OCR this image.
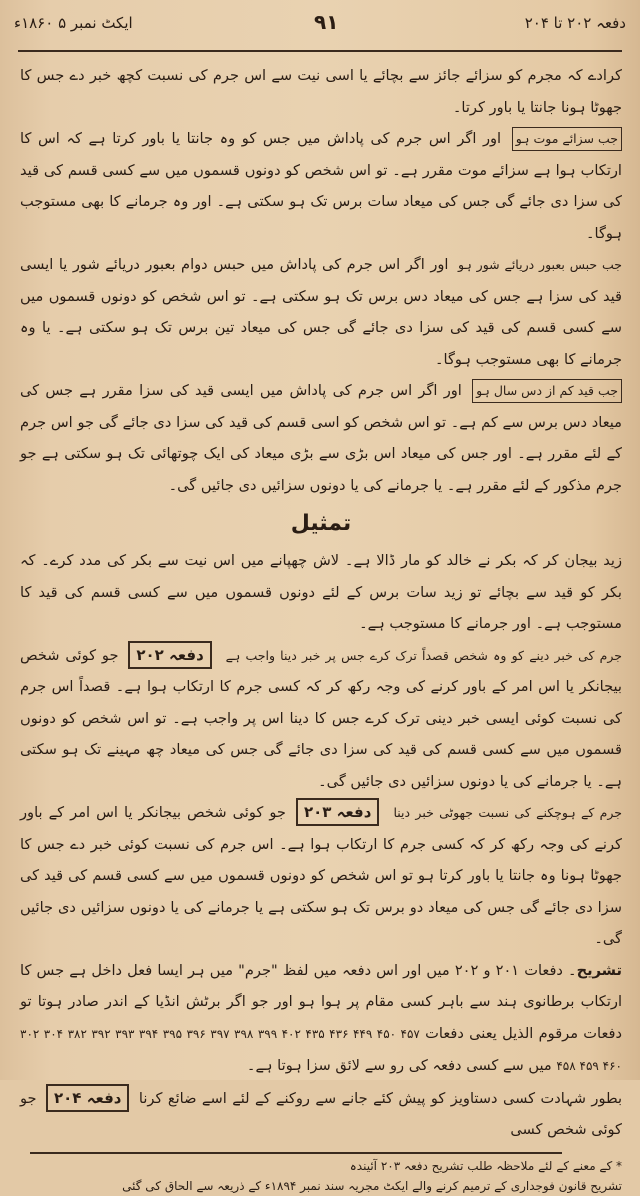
ایکٹ نمبر ۵ ۱۸۶۰ء	۹۱	دفعہ ۲۰۲ تا ۲۰۴

کرادے کہ مجرم کو سزائے جائز سے بچائے یا اسی نیت سے اس جرم کی نسبت کچھ خبر دے جس کا جھوٹا ہونا جانتا یا باور کرتا۔

جب سزائے موت ہو اور اگر اس جرم کی پاداش میں جس کو وہ جانتا یا باور کرتا ہے کہ اس کا ارتکاب ہوا ہے سزائے موت مقرر ہے۔ تو اس شخص کو دونوں قسموں میں سے کسی قسم کی قید کی سزا دی جائے گی جس کی میعاد سات برس تک ہو سکتی ہے۔ اور وہ جرمانے کا بھی مستوجب ہوگا۔

جب حبس بعبور دریائے شور ہو اور اگر اس جرم کی پاداش میں حبس دوام بعبور دریائے شور یا ایسی قید کی سزا ہے جس کی میعاد دس برس تک ہو سکتی ہے۔ تو اس شخص کو دونوں قسموں میں سے کسی قسم کی قید کی سزا دی جائے گی جس کی میعاد تین برس تک ہو سکتی ہے۔ یا وہ جرمانے کا بھی مستوجب ہوگا۔

جب قید کم از دس سال ہو اور اگر اس جرم کی پاداش میں ایسی قید کی سزا مقرر ہے جس کی میعاد دس برس سے کم ہے۔ تو اس شخص کو اسی قسم کی قید کی سزا دی جائے گی جو اس جرم کے لئے مقرر ہے۔ اور جس کی میعاد اس بڑی سے بڑی میعاد کی ایک چوتھائی تک ہو سکتی ہے جو جرم مذکور کے لئے مقرر ہے۔ یا جرمانے کی یا دونوں سزائیں دی جائیں گی۔

تمثیل

زید بیجان کر کہ بکر نے خالد کو مار ڈالا ہے۔ لاش چھپانے میں اس نیت سے بکر کی مدد کرے۔ کہ بکر کو قید سے بچائے تو زید سات برس کے لئے دونوں قسموں میں سے کسی قسم کی قید کا مستوجب ہے۔ اور جرمانے کا مستوجب ہے۔

جرم کی خبر دینے کو وہ شخص قصداً ترک کرے جس پر خبر دینا واجب ہے دفعہ ۲۰۲ جو کوئی شخص بیجانکر یا اس امر کے باور کرنے کی وجہ رکھ کر کہ کسی جرم کا ارتکاب ہوا ہے۔ قصداً اس جرم کی نسبت کوئی ایسی خبر دینی ترک کرے جس کا دینا اس پر واجب ہے۔ تو اس شخص کو دونوں قسموں میں سے کسی قسم کی قید کی سزا دی جائے گی جس کی میعاد چھ مہینے تک ہو سکتی ہے۔ یا جرمانے کی یا دونوں سزائیں دی جائیں گی۔

جرم کے ہوچکنے کی نسبت جھوٹی خبر دینا دفعہ ۲۰۳ جو کوئی شخص بیجانکر یا اس امر کے باور کرنے کی وجہ رکھ کر کہ کسی جرم کا ارتکاب ہوا ہے۔ اس جرم کی نسبت کوئی خبر دے جس کا جھوٹا ہونا وہ جانتا یا باور کرتا ہو تو اس شخص کو دونوں قسموں میں سے کسی قسم کی قید کی سزا دی جائے گی جس کی میعاد دو برس تک ہو سکتی ہے یا جرمانے کی یا دونوں سزائیں دی جائیں گی۔

تشریح۔ دفعات ۲۰۱ و ۲۰۲ میں اور اس دفعہ میں لفظ "جرم" میں ہر ایسا فعل داخل ہے جس کا ارتکاب برطانوی ہند سے باہر کسی مقام پر ہوا ہو اور جو اگر برٹش انڈیا کے اندر صادر ہوتا تو دفعات مرقوم الذیل یعنی دفعات ۳۰۲ ۳۰۴ ۳۸۲ ۳۹۲ ۳۹۳ ۳۹۴ ۳۹۵ ۳۹۶ ۳۹۷ ۳۹۸ ۳۹۹ ۴۰۲ ۴۳۵ ۴۳۶ ۴۴۹ ۴۵۰ ۴۵۷ ۴۵۸ ۴۵۹ ۴۶۰ میں سے کسی دفعہ کی رو سے لائق سزا ہوتا ہے۔

بطور شہادت کسی دستاویز کو پیش کئے جانے سے روکنے کے لئے اسے ضائع کرنا دفعہ ۲۰۴ جو کوئی شخص کسی

* کے معنے کے لئے ملاحظہ طلب تشریح دفعہ ۲۰۳ آئیندہ

تشریح قانون فوجداری کے ترمیم کرنے والے ایکٹ مجریہ سند نمبر ۱۸۹۴ء کے ذریعہ سے الحاق کی گئی
